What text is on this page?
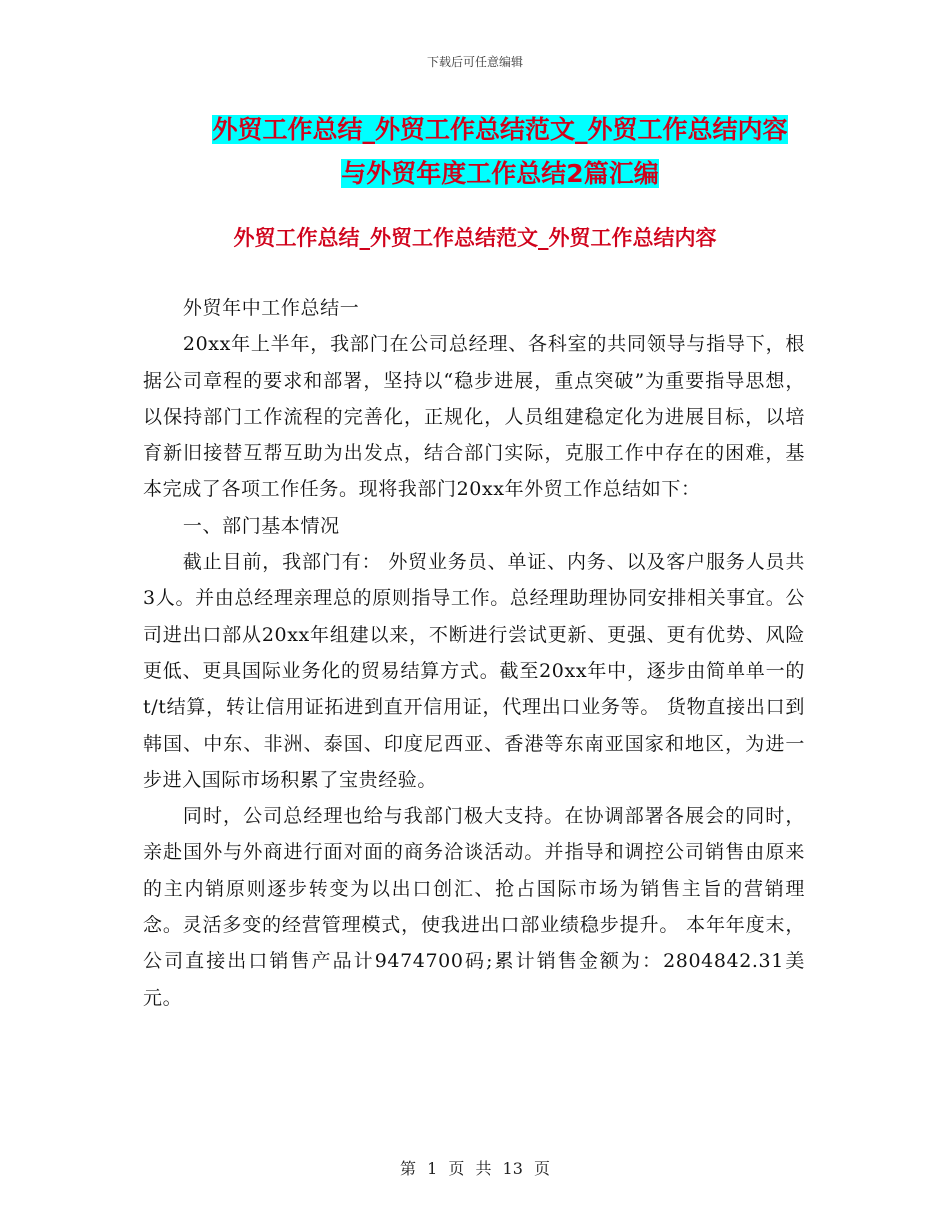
下载后可任意编辑
外贸工作总结_外贸工作总结范文_外贸工作总结内容
与外贸年度工作总结2篇汇编
外贸工作总结_外贸工作总结范文_外贸工作总结内容

外贸年中工作总结一

20xx年上半年，我部门在公司总经理、各科室的共同领导与指导下，根据公司章程的要求和部署，坚持以“稳步进展，重点突破”为重要指导思想，以保持部门工作流程的完善化，正规化，人员组建稳定化为进展目标，以培育新旧接替互帮互助为出发点，结合部门实际，克服工作中存在的困难，基本完成了各项工作任务。现将我部门20xx年外贸工作总结如下：

一、部门基本情况

截止目前，我部门有： 外贸业务员、单证、内务、以及客户服务人员共3人。并由总经理亲理总的原则指导工作。总经理助理协同安排相关事宜。公司进出口部从20xx年组建以来，不断进行尝试更新、更强、更有优势、风险更低、更具国际业务化的贸易结算方式。截至20xx年中，逐步由简单单一的t/t结算，转让信用证拓进到直开信用证，代理出口业务等。 货物直接出口到韩国、中东、非洲、泰国、印度尼西亚、香港等东南亚国家和地区，为进一步进入国际市场积累了宝贵经验。

同时，公司总经理也给与我部门极大支持。在协调部署各展会的同时，亲赴国外与外商进行面对面的商务洽谈活动。并指导和调控公司销售由原来的主内销原则逐步转变为以出口创汇、抢占国际市场为销售主旨的营销理念。灵活多变的经营管理模式，使我进出口部业绩稳步提升。 本年年度末，公司直接出口销售产品计9474700码;累计销售金额为：2804842.31美元。

第 1 页 共 13 页
